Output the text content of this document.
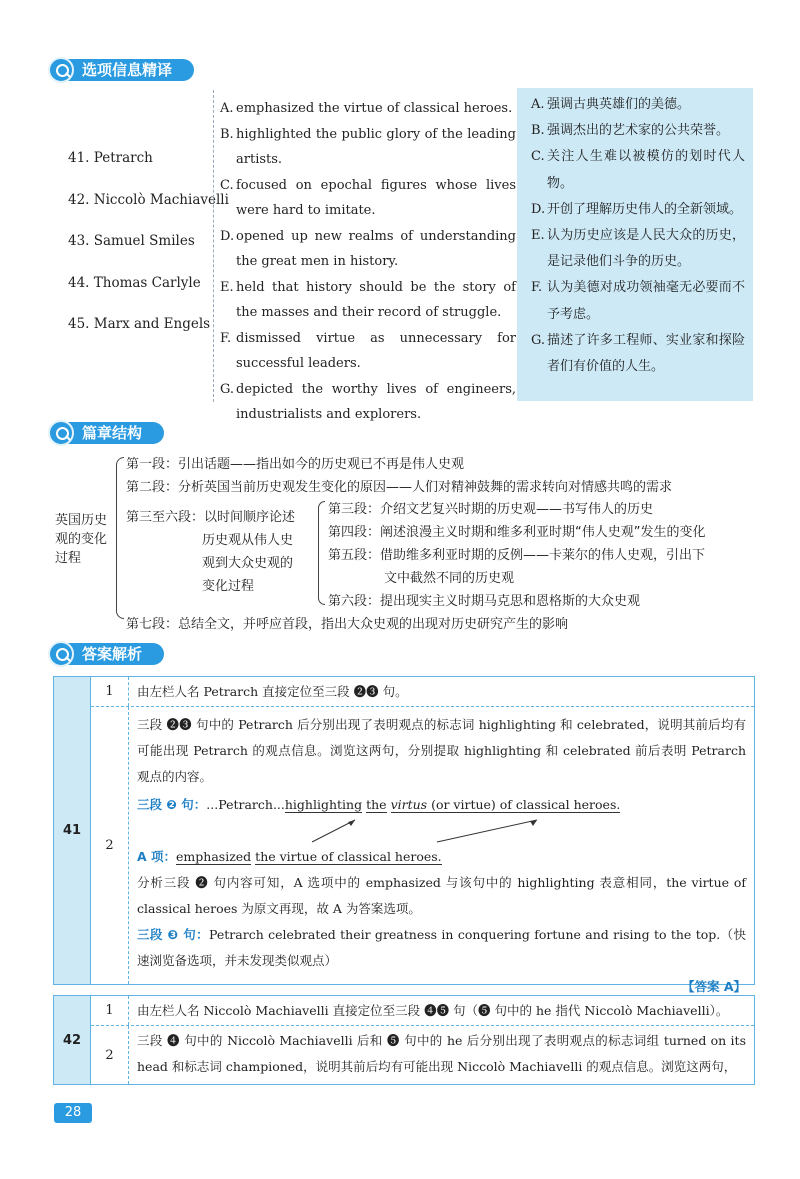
选项信息精译
41. Petrarch
42. Niccolò Machiavelli
43. Samuel Smiles
44. Thomas Carlyle
45. Marx and Engels
A. emphasized the virtue of classical heroes.
B. highlighted the public glory of the leading artists.
C. focused on epochal figures whose lives were hard to imitate.
D. opened up new realms of understanding the great men in history.
E. held that history should be the story of the masses and their record of struggle.
F. dismissed virtue as unnecessary for successful leaders.
G. depicted the worthy lives of engineers, industrialists and explorers.
A. 强调古典英雄们的美德。
B. 强调杰出的艺术家的公共荣誉。
C. 关注人生难以被模仿的划时代人物。
D. 开创了理解历史伟人的全新领域。
E. 认为历史应该是人民大众的历史，是记录他们斗争的历史。
F. 认为美德对成功领袖毫无必要而不予考虑。
G. 描述了许多工程师、实业家和探险者们有价值的人生。
篇章结构
英国历史观的变化过程
第一段：引出话题——指出如今的历史观已不再是伟人史观
第二段：分析英国当前历史观发生变化的原因——人们对精神鼓舞的需求转向对情感共鸣的需求
第三至六段：以时间顺序论述
历史观从伟人史
观到大众史观的
变化过程
第三段：介绍文艺复兴时期的历史观——书写伟人的历史
第四段：阐述浪漫主义时期和维多利亚时期“伟人史观”发生的变化
第五段：借助维多利亚时期的反例——卡莱尔的伟人史观，引出下
文中截然不同的历史观
第六段：提出现实主义时期马克思和恩格斯的大众史观
第七段：总结全文，并呼应首段，指出大众史观的出现对历史研究产生的影响
答案解析
41
1	由左栏人名 Petrarch 直接定位至三段 ❷❸ 句。
2
三段 ❷❸ 句中的 Petrarch 后分别出现了表明观点的标志词 highlighting 和 celebrated，说明其前后均有可能出现 Petrarch 的观点信息。浏览这两句，分别提取 highlighting 和 celebrated 前后表明 Petrarch 观点的内容。
三段 ❷ 句：...Petrarch...highlighting the virtus (or virtue) of classical heroes.
A 项：emphasized the virtue of classical heroes.
分析三段 ❷ 句内容可知，A 选项中的 emphasized 与该句中的 highlighting 表意相同，the virtue of classical heroes 为原文再现，故 A 为答案选项。
三段 ❸ 句：Petrarch celebrated their greatness in conquering fortune and rising to the top.（快速浏览备选项，并未发现类似观点）
【答案 A】
42
1	由左栏人名 Niccolò Machiavelli 直接定位至三段 ❹❺ 句（❺ 句中的 he 指代 Niccolò Machiavelli）。
2
三段 ❹ 句中的 Niccolò Machiavelli 后和 ❺ 句中的 he 后分别出现了表明观点的标志词组 turned on its head 和标志词 championed，说明其前后均有可能出现 Niccolò Machiavelli 的观点信息。浏览这两句，
28
